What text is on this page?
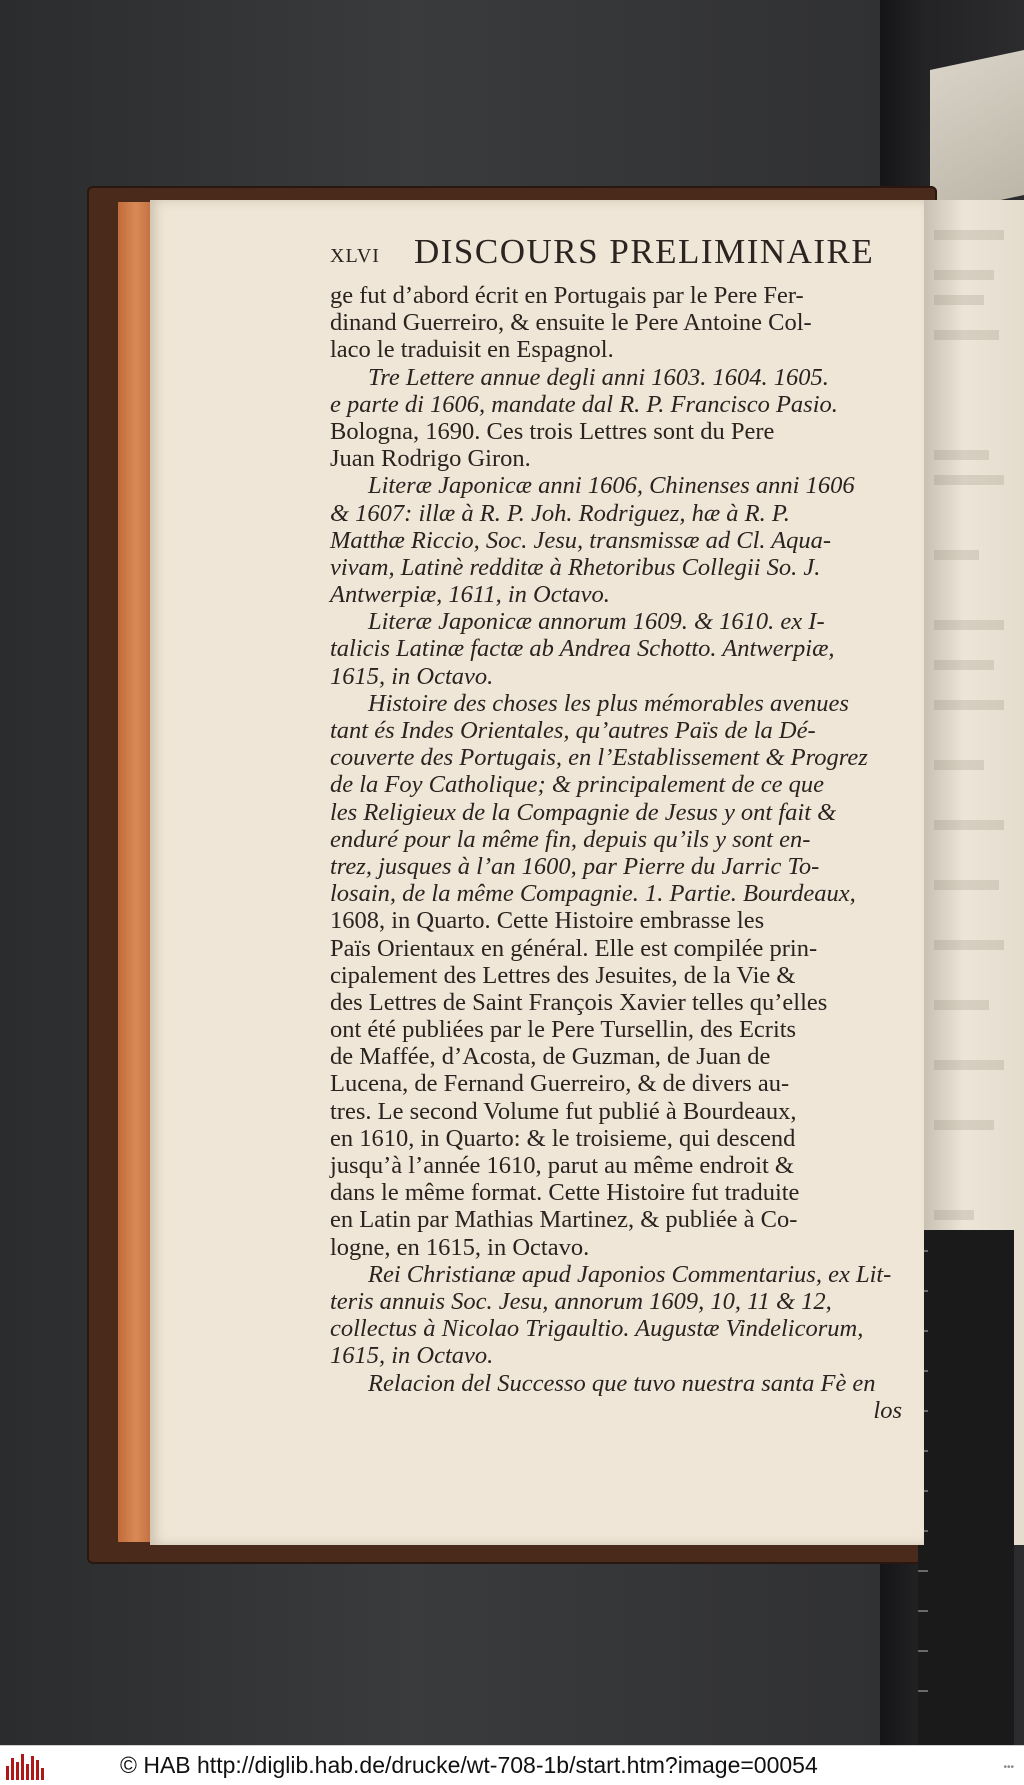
xlvi DISCOURS PRELIMINAIRE
ge fut d’abord écrit en Portugais par le Pere Fer-
dinand Guerreiro, & ensuite le Pere Antoine Col-
laco le traduisit en Espagnol.
Tre Lettere annue degli anni 1603. 1604. 1605.
e parte di 1606, mandate dal R. P. Francisco Pasio.
Bologna, 1690. Ces trois Lettres sont du Pere
Juan Rodrigo Giron.
Literæ Japonicæ anni 1606, Chinenses anni 1606
& 1607: illæ à R. P. Joh. Rodriguez, hæ à R. P.
Matthæ Riccio, Soc. Jesu, transmissæ ad Cl. Aqua-
vivam, Latinè redditæ à Rhetoribus Collegii So. J.
Antwerpiæ, 1611, in Octavo.
Literæ Japonicæ annorum 1609. & 1610. ex I-
talicis Latinæ factæ ab Andrea Schotto. Antwerpiæ,
1615, in Octavo.
Histoire des choses les plus mémorables avenues
tant és Indes Orientales, qu’autres Païs de la Dé-
couverte des Portugais, en l’Establissement & Progrez
de la Foy Catholique; & principalement de ce que
les Religieux de la Compagnie de Jesus y ont fait &
enduré pour la même fin, depuis qu’ils y sont en-
trez, jusques à l’an 1600, par Pierre du Jarric To-
losain, de la même Compagnie. 1. Partie. Bourdeaux,
1608, in Quarto. Cette Histoire embrasse les
Païs Orientaux en général. Elle est compilée prin-
cipalement des Lettres des Jesuites, de la Vie &
des Lettres de Saint François Xavier telles qu’elles
ont été publiées par le Pere Tursellin, des Ecrits
de Maffée, d’Acosta, de Guzman, de Juan de
Lucena, de Fernand Guerreiro, & de divers au-
tres. Le second Volume fut publié à Bourdeaux,
en 1610, in Quarto: & le troisieme, qui descend
jusqu’à l’année 1610, parut au même endroit &
dans le même format. Cette Histoire fut traduite
en Latin par Mathias Martinez, & publiée à Co-
logne, en 1615, in Octavo.
Rei Christianæ apud Japonios Commentarius, ex Lit-
teris annuis Soc. Jesu, annorum 1609, 10, 11 & 12,
collectus à Nicolao Trigaultio. Augustæ Vindelicorum,
1615, in Octavo.
Relacion del Successo que tuvo nuestra santa Fè en
los
© HAB http://diglib.hab.de/drucke/wt-708-1b/start.htm?image=00054	•••
